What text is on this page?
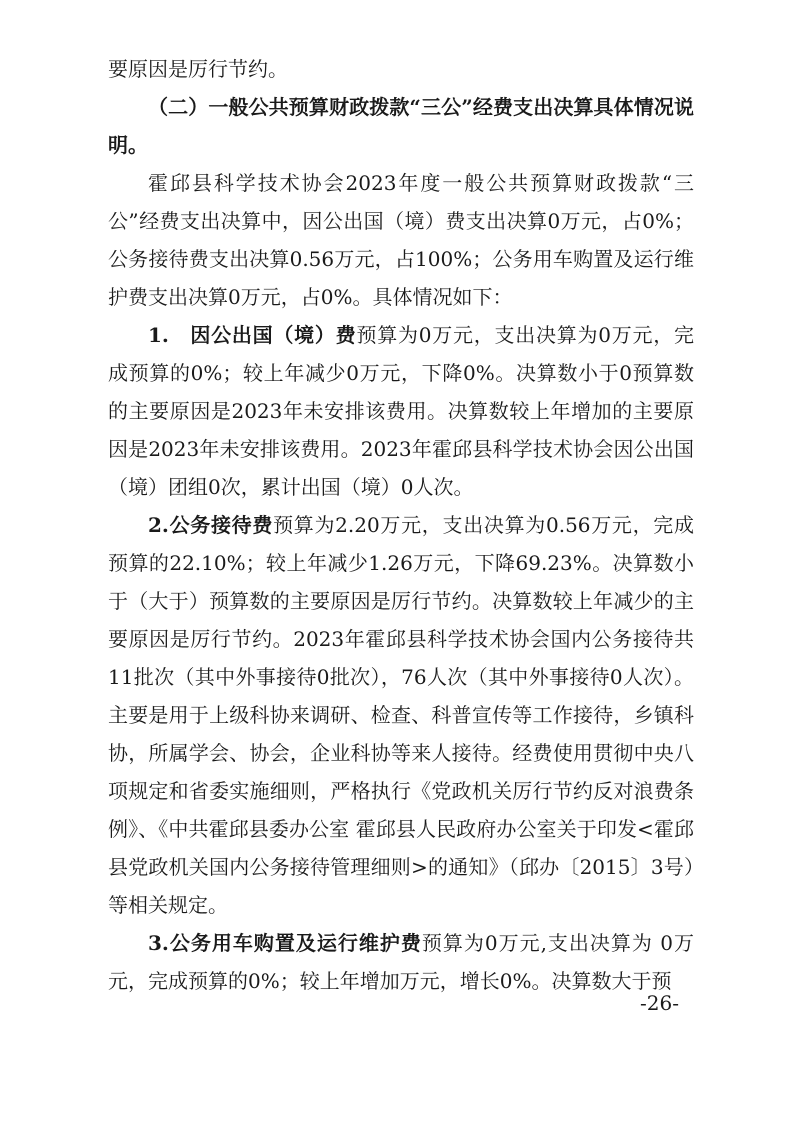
要原因是厉行节约。

（二）一般公共预算财政拨款“三公”经费支出决算具体情况说明。

霍邱县科学技术协会2023年度一般公共预算财政拨款“三公”经费支出决算中，因公出国（境）费支出决算0万元，占0%；公务接待费支出决算0.56万元，占100%；公务用车购置及运行维护费支出决算0万元，占0%。具体情况如下：

1.　因公出国（境）费预算为0万元，支出决算为0万元，完成预算的0%；较上年减少0万元，下降0%。决算数小于0预算数的主要原因是2023年未安排该费用。决算数较上年增加的主要原因是2023年未安排该费用。2023年霍邱县科学技术协会因公出国（境）团组0次，累计出国（境）0人次。

2.公务接待费预算为2.20万元，支出决算为0.56万元，完成预算的22.10%；较上年减少1.26万元，下降69.23%。决算数小于（大于）预算数的主要原因是厉行节约。决算数较上年减少的主要原因是厉行节约。2023年霍邱县科学技术协会国内公务接待共11批次（其中外事接待0批次），76人次（其中外事接待0人次）。主要是用于上级科协来调研、检查、科普宣传等工作接待，乡镇科协，所属学会、协会，企业科协等来人接待。经费使用贯彻中央八项规定和省委实施细则，严格执行《党政机关厉行节约反对浪费条例》、《中共霍邱县委办公室 霍邱县人民政府办公室关于印发<霍邱县党政机关国内公务接待管理细则>的通知》（邱办〔2015〕3号）等相关规定。

3.公务用车购置及运行维护费预算为0万元,支出决算为 0万元，完成预算的0%；较上年增加万元，增长0%。决算数大于预

-26-
